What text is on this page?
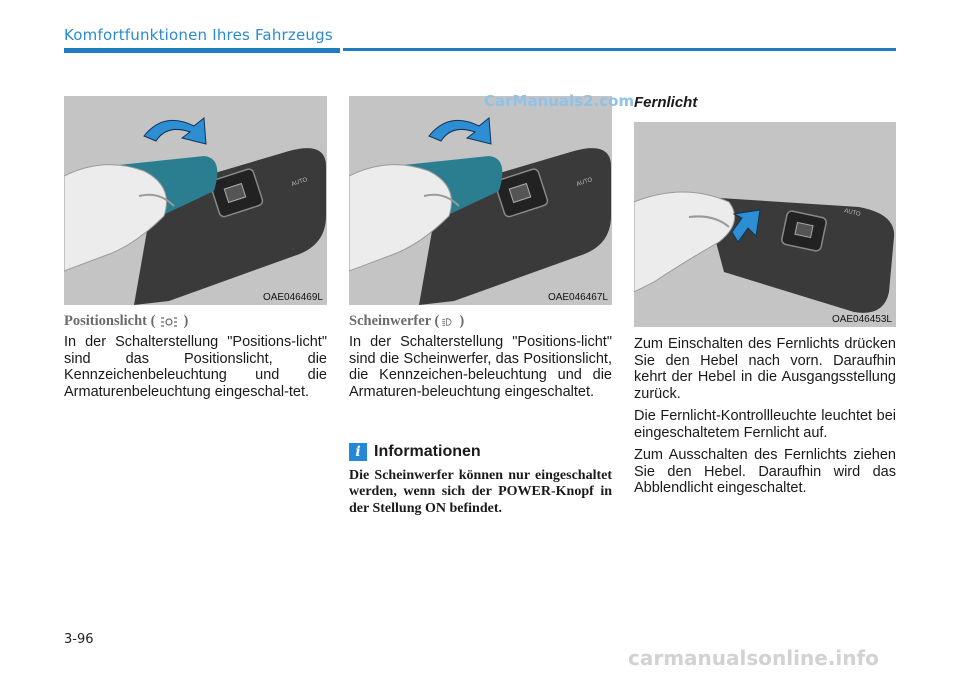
Komfortfunktionen Ihres Fahrzeugs
AUTO
OAE046469L
AUTO
OAE046467L
CarManuals2.com
AUTO
OAE046453L
Positionslicht ( )

In der Schalterstellung "Positions-licht" sind das Positionslicht, die Kennzeichenbeleuchtung und die Armaturenbeleuchtung eingeschal-tet.

Scheinwerfer ( )

In der Schalterstellung "Positions-licht" sind die Scheinwerfer, das Positionslicht, die Kennzeichen-beleuchtung und die Armaturen-beleuchtung eingeschaltet.

i Informationen
Die Scheinwerfer können nur eingeschaltet werden, wenn sich der POWER-Knopf in der Stellung ON befindet.
Fernlicht

Zum Einschalten des Fernlichts drücken Sie den Hebel nach vorn. Daraufhin kehrt der Hebel in die Ausgangsstellung zurück.

Die Fernlicht-Kontrollleuchte leuchtet bei eingeschaltetem Fernlicht auf.

Zum Ausschalten des Fernlichts ziehen Sie den Hebel. Daraufhin wird das Abblendlicht eingeschaltet.

3-96
carmanualsonline.info
